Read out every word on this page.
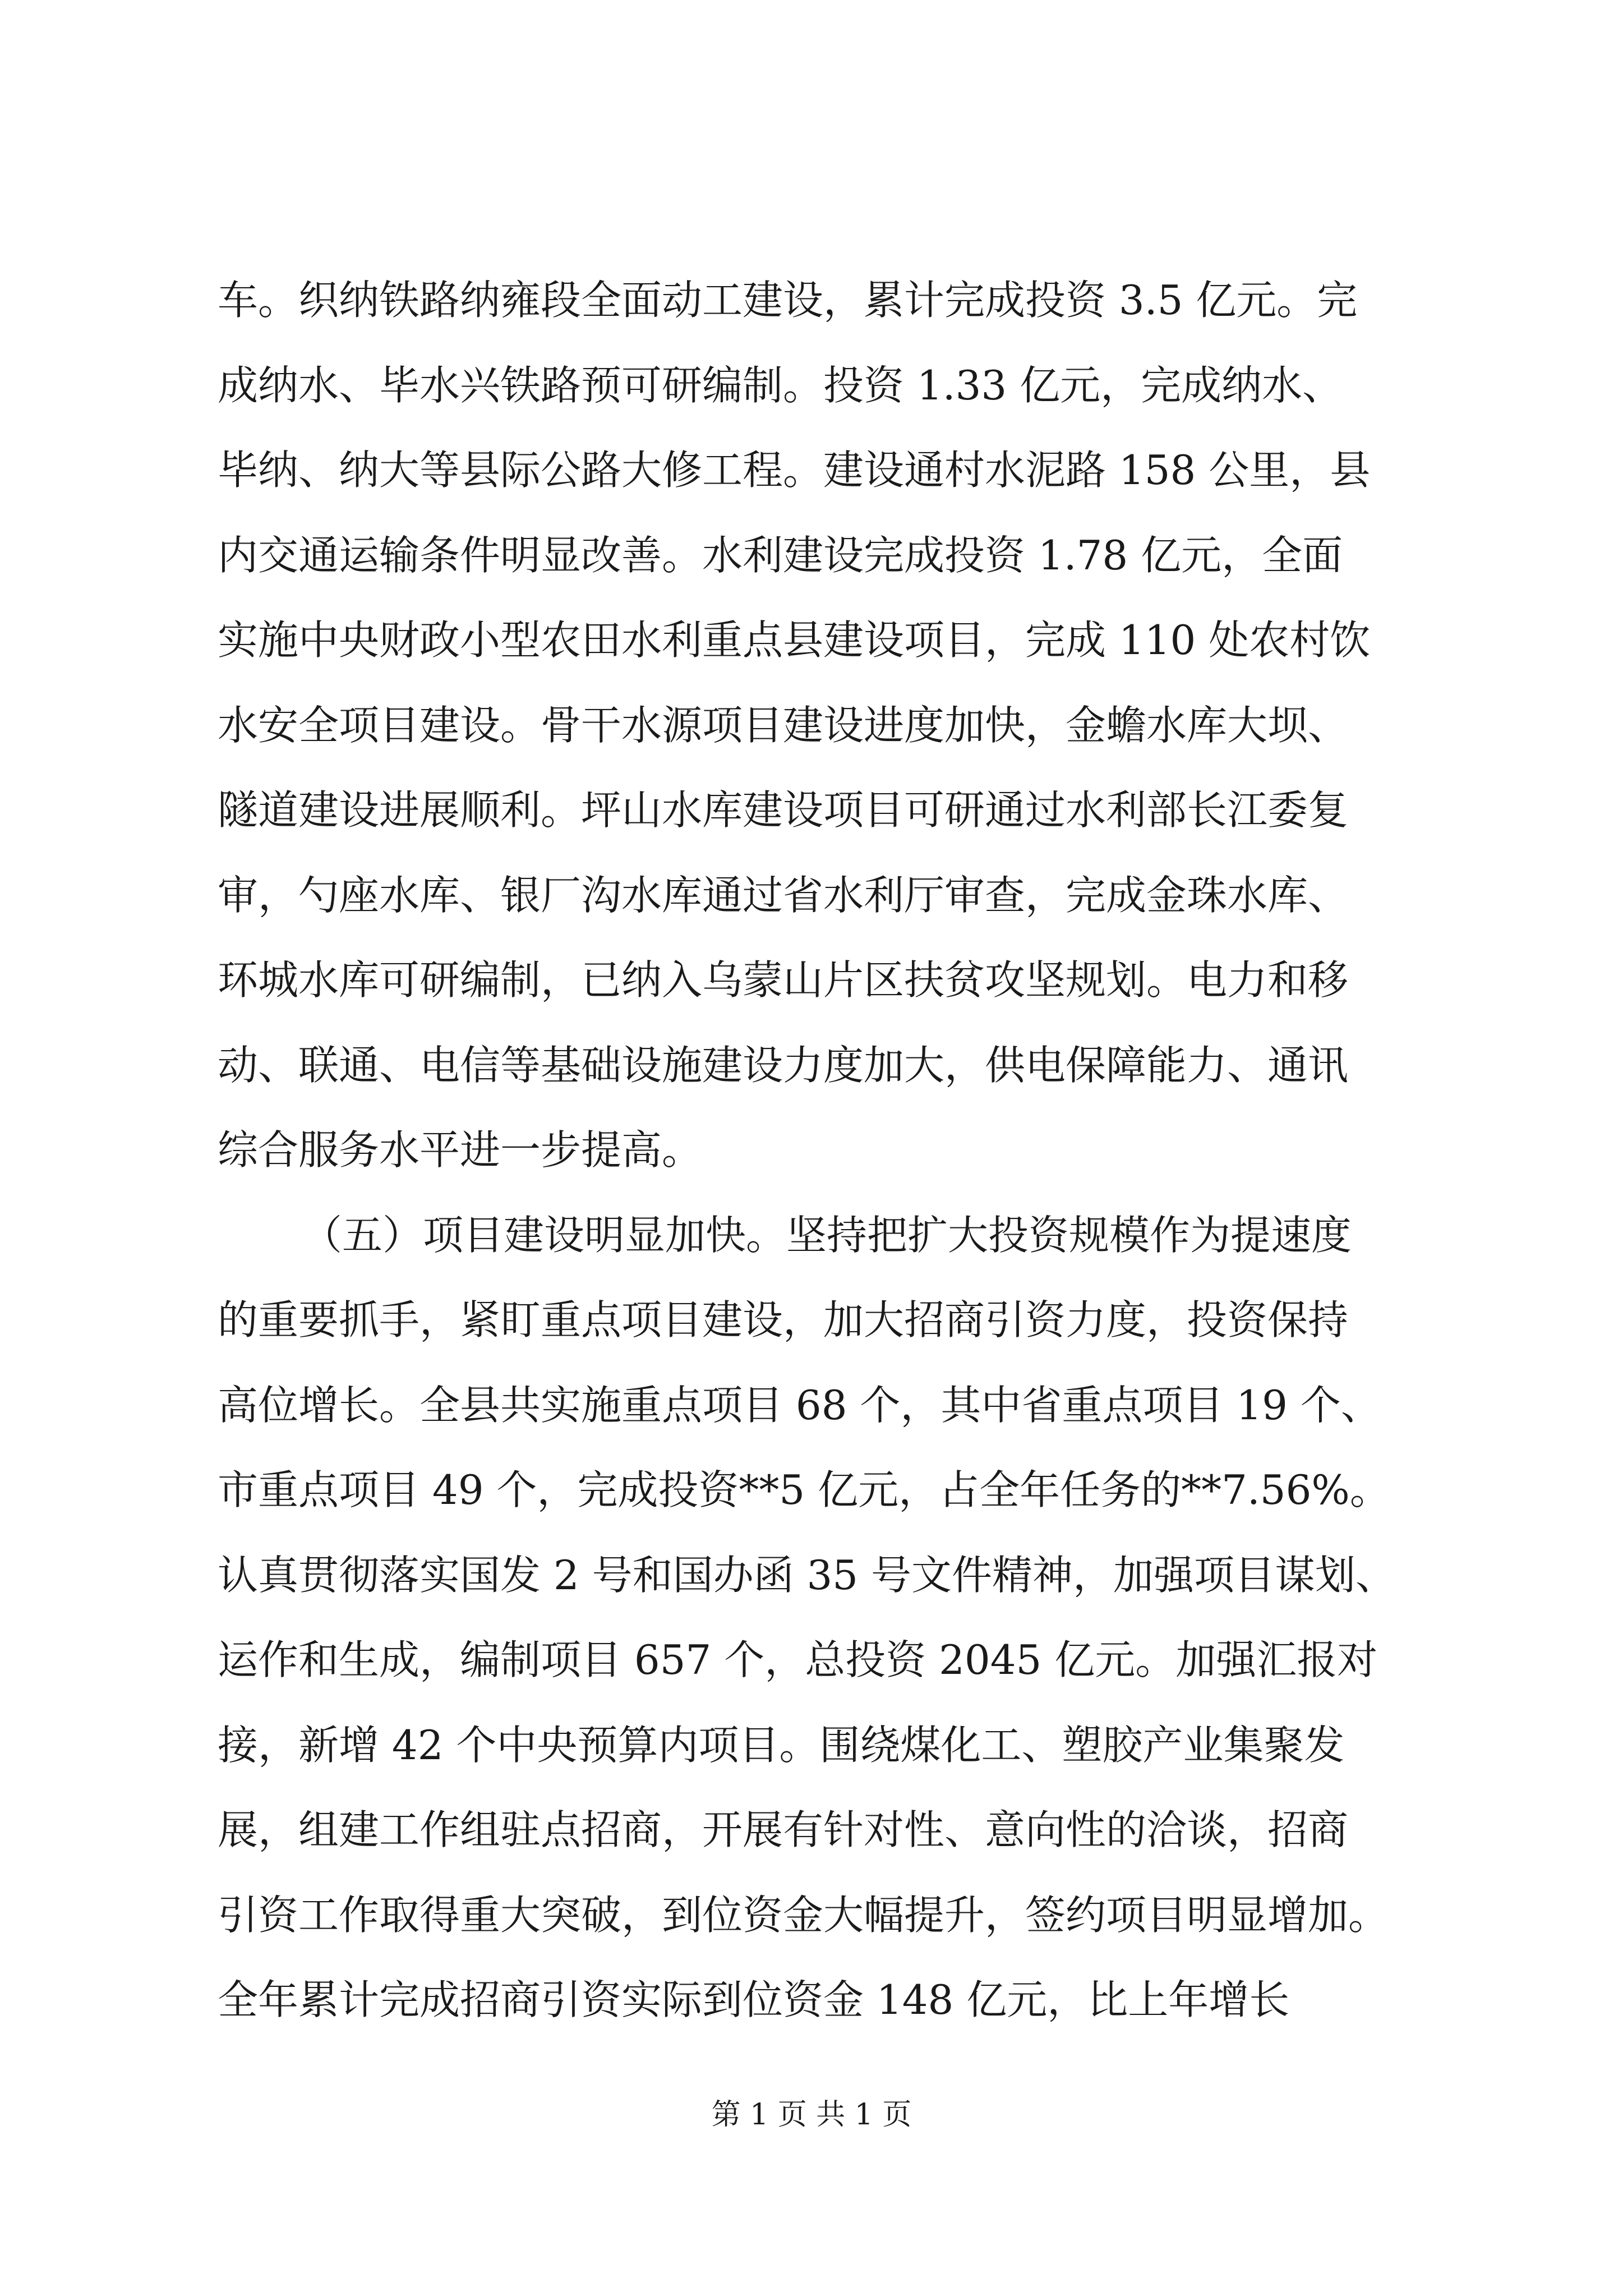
车。织纳铁路纳雍段全面动工建设，累计完成投资 3.5 亿元。完
成纳水、毕水兴铁路预可研编制。投资 1.33 亿元，完成纳水、
毕纳、纳大等县际公路大修工程。建设通村水泥路 158 公里，县
内交通运输条件明显改善。水利建设完成投资 1.78 亿元，全面
实施中央财政小型农田水利重点县建设项目，完成 110 处农村饮
水安全项目建设。骨干水源项目建设进度加快，金蟾水库大坝、
隧道建设进展顺利。坪山水库建设项目可研通过水利部长江委复
审，勺座水库、银厂沟水库通过省水利厅审查，完成金珠水库、
环城水库可研编制，已纳入乌蒙山片区扶贫攻坚规划。电力和移
动、联通、电信等基础设施建设力度加大，供电保障能力、通讯
综合服务水平进一步提高。
（五）项目建设明显加快。坚持把扩大投资规模作为提速度
的重要抓手，紧盯重点项目建设，加大招商引资力度，投资保持
高位增长。全县共实施重点项目 68 个，其中省重点项目 19 个、
市重点项目 49 个，完成投资**5 亿元，占全年任务的**7.56%。
认真贯彻落实国发 2 号和国办函 35 号文件精神，加强项目谋划、
运作和生成，编制项目 657 个，总投资 2045 亿元。加强汇报对
接，新增 42 个中央预算内项目。围绕煤化工、塑胶产业集聚发
展，组建工作组驻点招商，开展有针对性、意向性的洽谈，招商
引资工作取得重大突破，到位资金大幅提升，签约项目明显增加。
全年累计完成招商引资实际到位资金 148 亿元，比上年增长
第 1 页 共 1 页
